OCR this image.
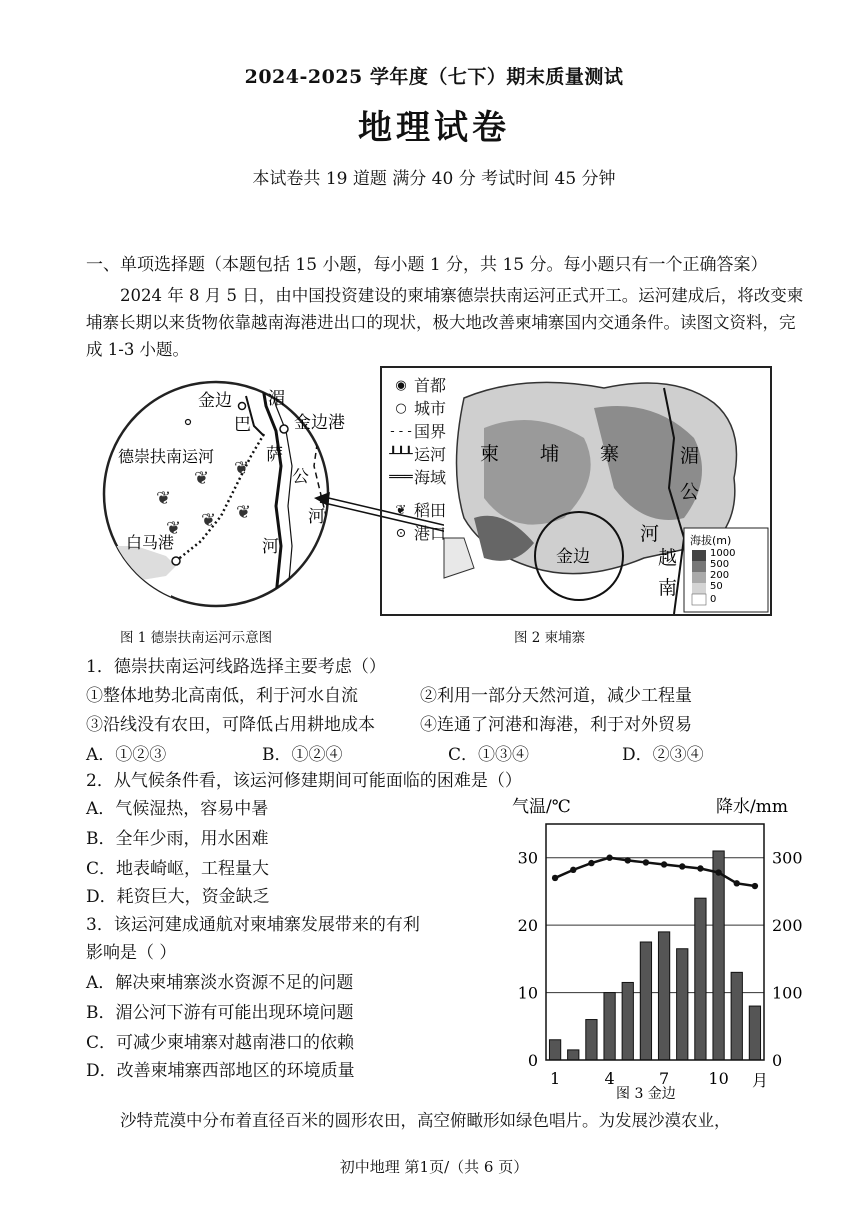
2024-2025 学年度（七下）期末质量测试
地理试卷
本试卷共 19 道题 满分 40 分 考试时间 45 分钟
一、单项选择题（本题包括 15 小题，每小题 1 分，共 15 分。每小题只有一个正确答案）
2024 年 8 月 5 日，由中国投资建设的柬埔寨德崇扶南运河正式开工。运河建成后，将改变柬埔寨长期以来货物依靠越南海港进出口的现状，极大地改善柬埔寨国内交通条件。读图文资料，完成 1-3 小题。
❦
❦ ❦
❦ ❦ ❦
金边
金边港
德崇扶南运河
白马港
湄
巴
萨
公
河
河
柬 埔 寨	湄
公
河
金边	越
南
海拔(m)
1000
500
200
50
0
◉ 首都
○ 城市
- - - 国界
┸┸┸ 运河
═══ 海域
❦ 稻田
⊙ 港口
图 1 德崇扶南运河示意图	图 2 柬埔寨
1．德崇扶南运河线路选择主要考虑（）
①整体地势北高南低，利于河水自流	②利用一部分天然河道，减少工程量
③沿线没有农田，可降低占用耕地成本	④连通了河港和海港，利于对外贸易
A．①②③	B．①②④	C．①③④	D．②③④
2．从气候条件看，该运河修建期间可能面临的困难是（）
A．气候湿热，容易中暑
B．全年少雨，用水困难
C．地表崎岖，工程量大
D．耗资巨大，资金缺乏
3．该运河建成通航对柬埔寨发展带来的有利
影响是（ ）
A．解决柬埔寨淡水资源不足的问题
B．湄公河下游有可能出现环境问题
C．可减少柬埔寨对越南港口的依赖
D．改善柬埔寨西部地区的环境质量
气温/℃	降水/mm
30
20
10
0
300
200
100
0
1	4	7 10 月
图 3 金边
沙特荒漠中分布着直径百米的圆形农田，高空俯瞰形如绿色唱片。为发展沙漠农业，
初中地理 第1页/（共 6 页）
